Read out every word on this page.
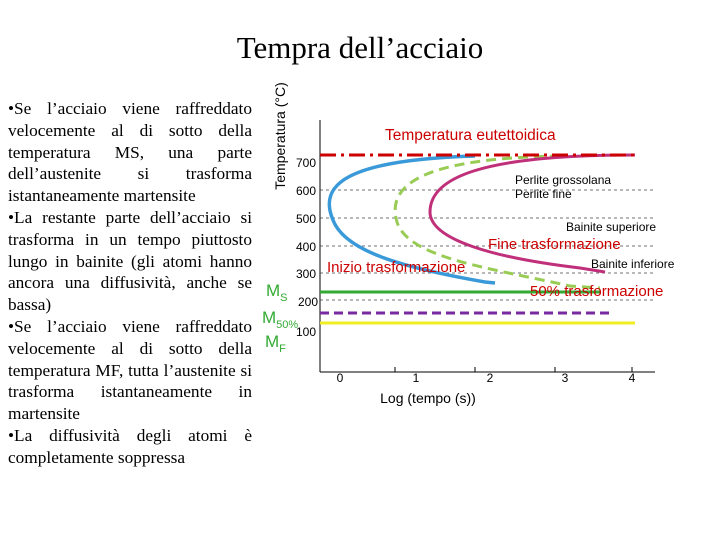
Tempra dell’acciaio

•Se l’acciaio viene raffreddato velocemente al di sotto della temperatura MS, una parte dell’austenite si trasforma istantaneamente martensite

•La restante parte dell’acciaio si trasforma in un tempo piuttosto lungo in bainite (gli atomi hanno ancora una diffusività, anche se bassa)

•Se l’acciaio viene raffreddato velocemente al di sotto della temperatura MF, tutta l’austenite si trasforma istantaneamente in martensite

•La diffusività degli atomi è completamente soppressa

Temperatura (°C) 700
600
500
400
300
200
100
0	1	2	3	4
Log (tempo (s))
Temperatura eutettoidica
Perlite grossolana
Perlite fine
Bainite superiore
Bainite inferiore
Fine trasformazione
Inizio trasformazione
50% trasformazione
$M_S$
$M_{50\%}$
$M_F$
